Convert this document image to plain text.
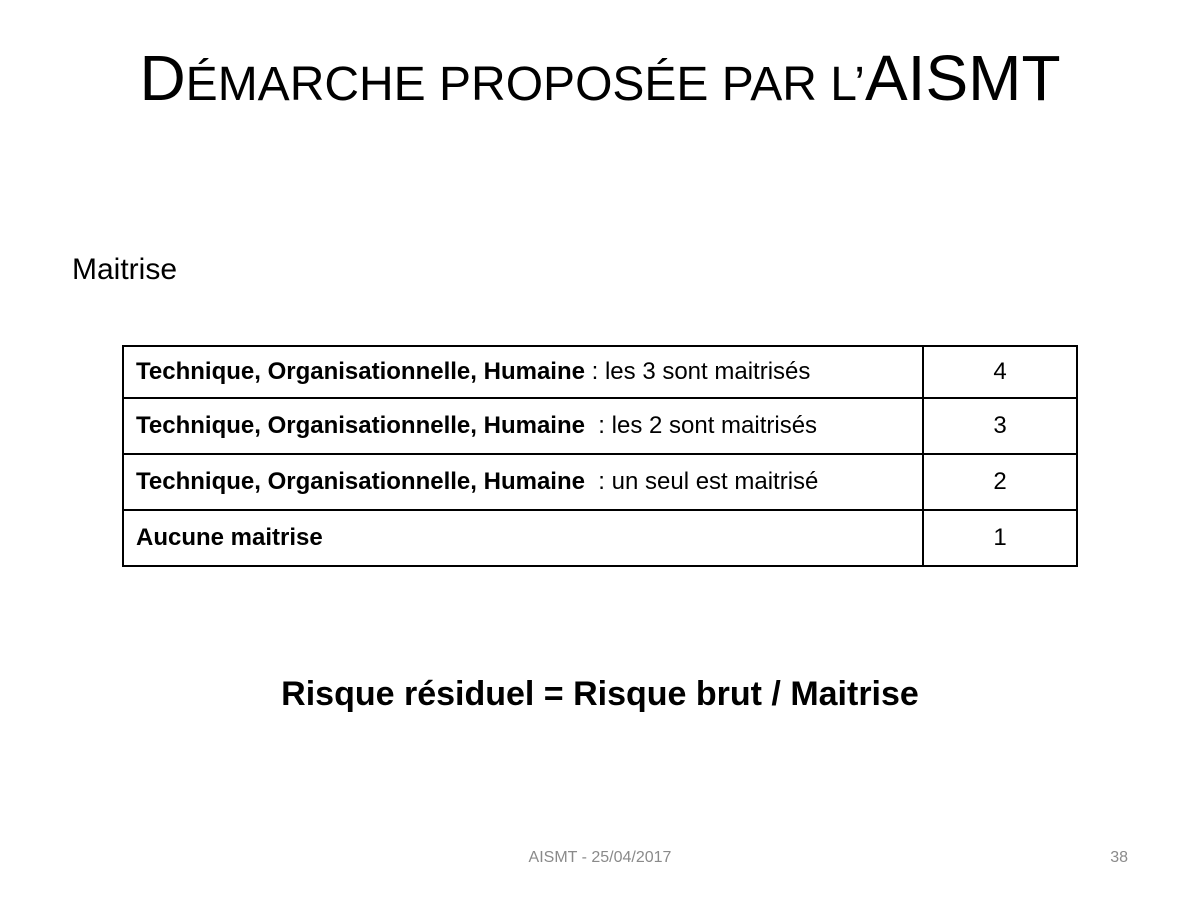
DÉMARCHE PROPOSÉE PAR L’AISMT
Maitrise
Technique, Organisationnelle, Humaine : les 3 sont maitrisés	4
Technique, Organisationnelle, Humaine  : les 2 sont maitrisés	3
Technique, Organisationnelle, Humaine  : un seul est maitrisé	2
Aucune maitrise	1
Risque résiduel = Risque brut / Maitrise
AISMT - 25/04/2017	38
